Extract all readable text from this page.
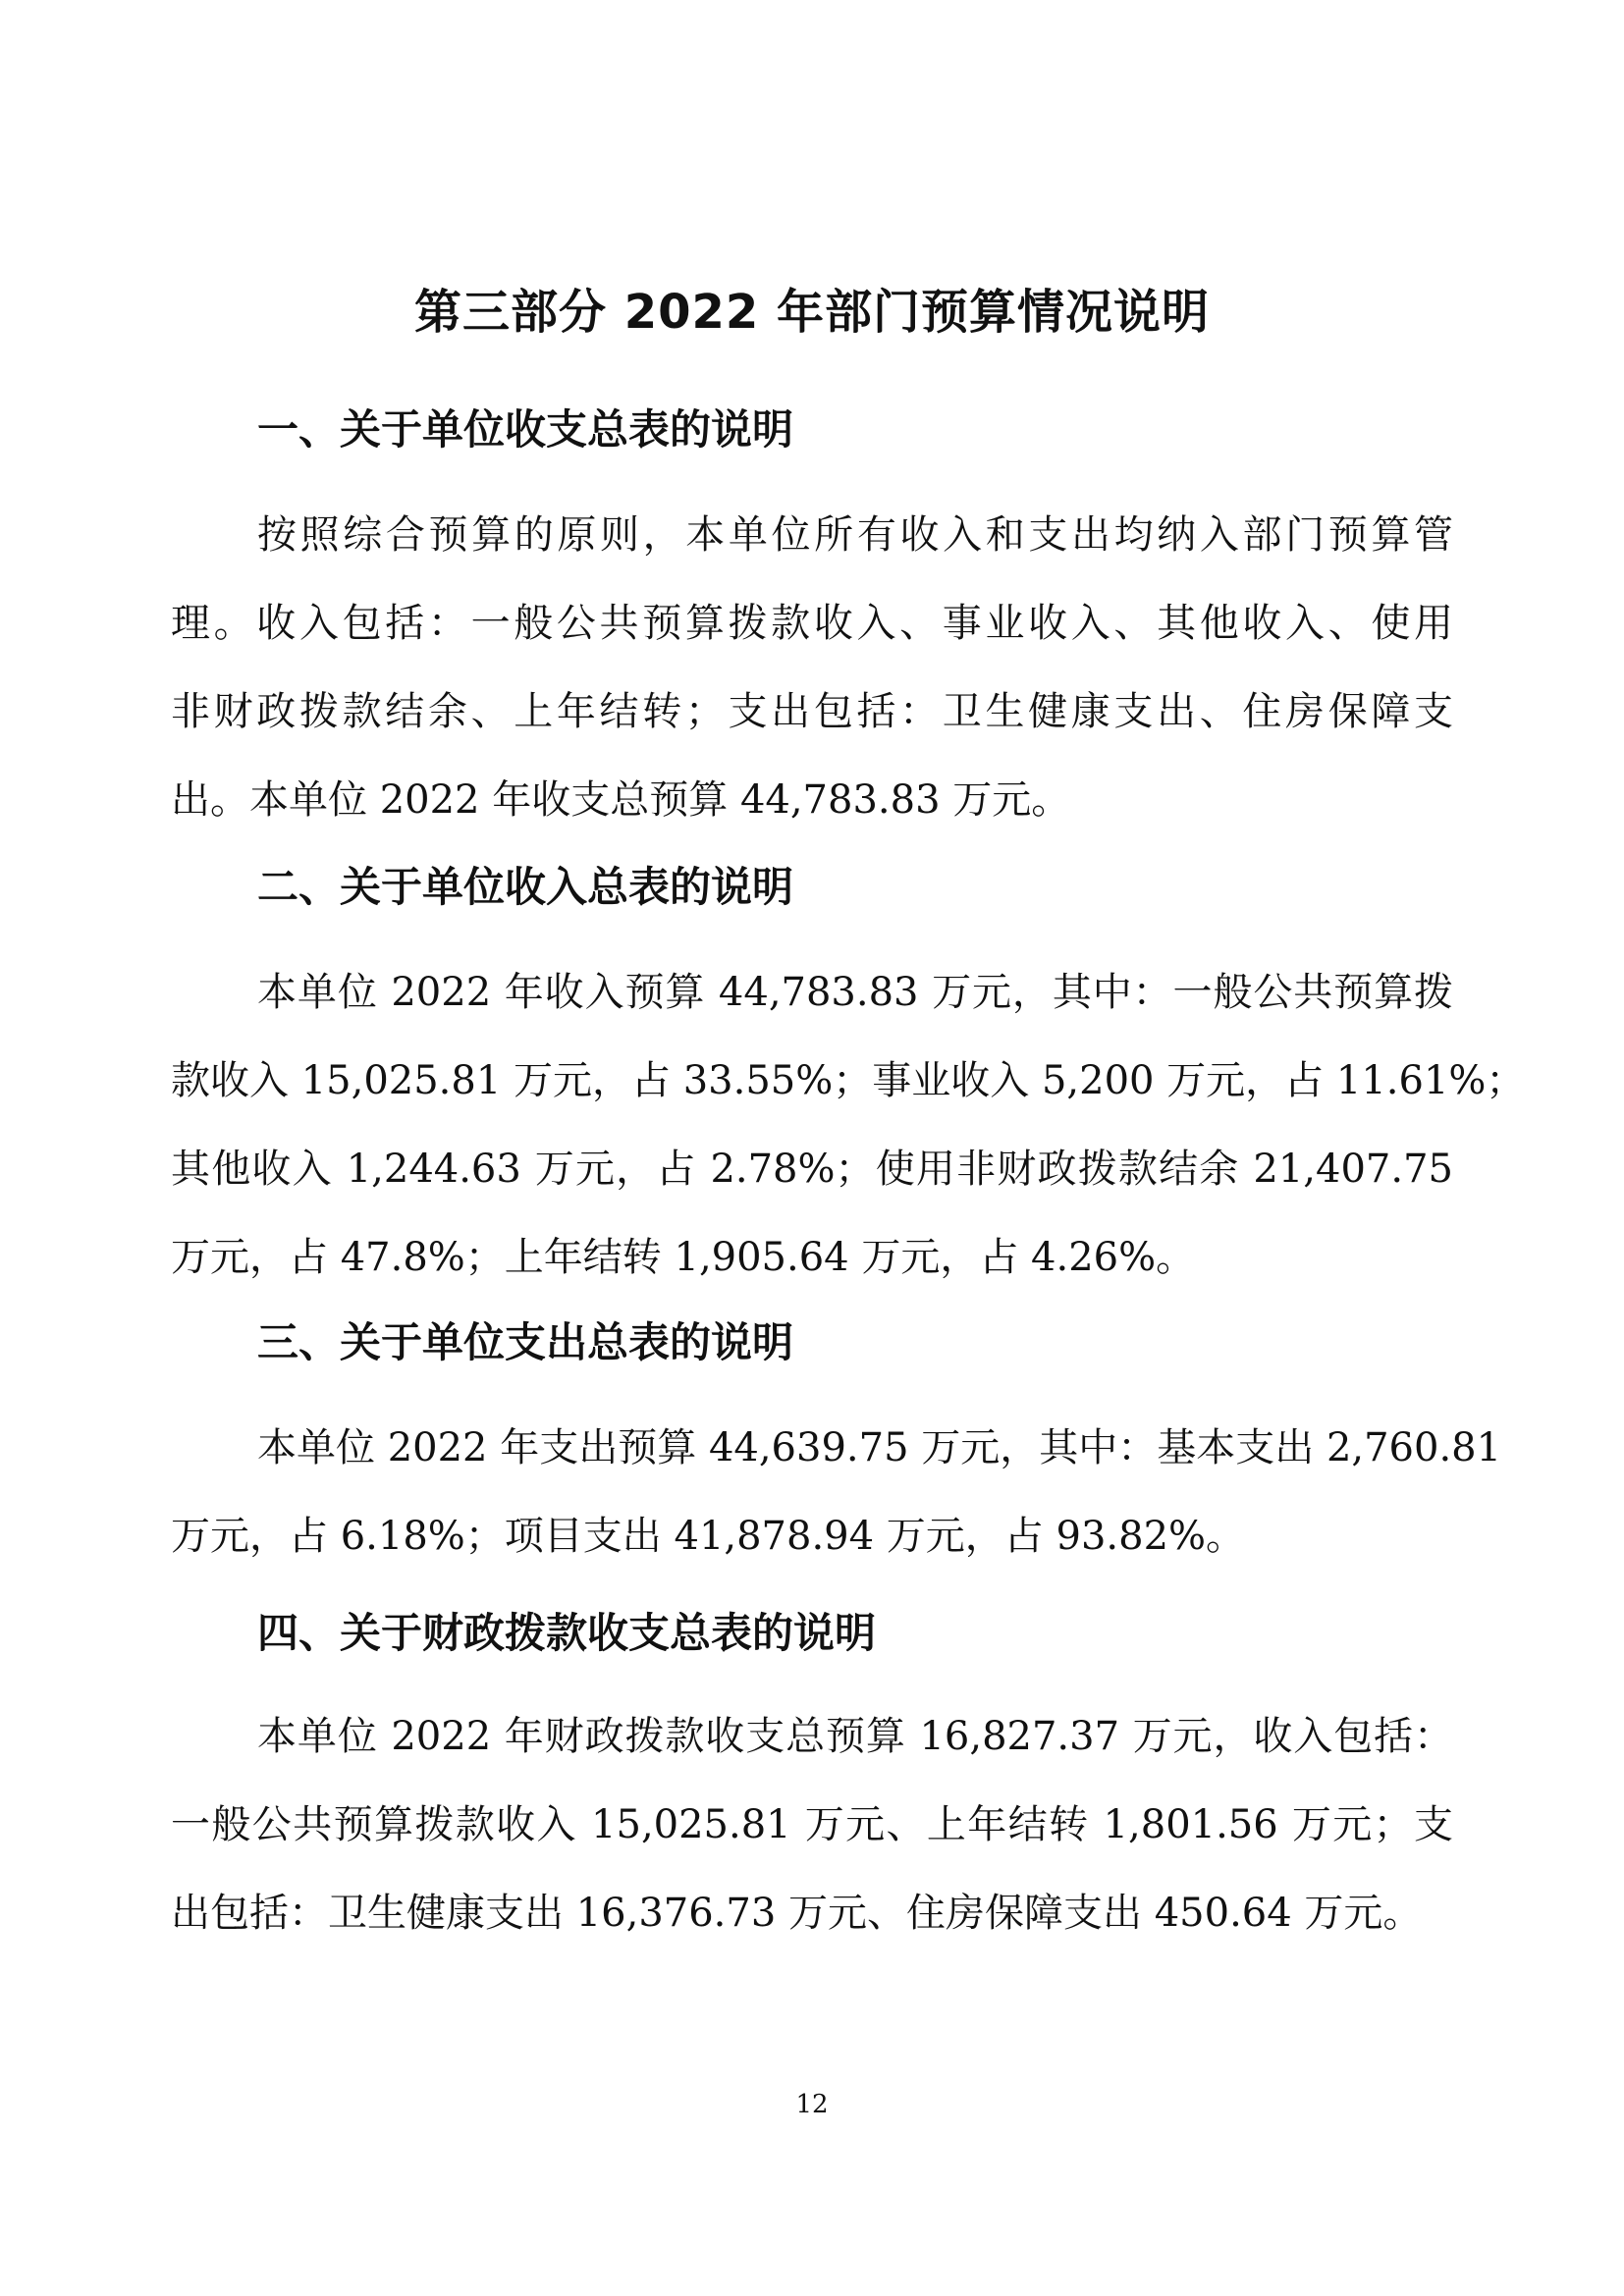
第三部分 2022 年部门预算情况说明
一、关于单位收支总表的说明
按照综合预算的原则，本单位所有收入和支出均纳入部门预算管
理。收入包括：一般公共预算拨款收入、事业收入、其他收入、使用
非财政拨款结余、上年结转；支出包括：卫生健康支出、住房保障支
出。本单位 2022 年收支总预算 44,783.83 万元。
二、关于单位收入总表的说明
本单位 2022 年收入预算 44,783.83 万元，其中：一般公共预算拨
款收入 15,025.81 万元，占 33.55%；事业收入 5,200 万元，占 11.61%；
其他收入 1,244.63 万元，占 2.78%；使用非财政拨款结余 21,407.75
万元，占 47.8%；上年结转 1,905.64 万元，占 4.26%。
三、关于单位支出总表的说明
本单位 2022 年支出预算 44,639.75 万元，其中：基本支出 2,760.81
万元，占 6.18%；项目支出 41,878.94 万元，占 93.82%。
四、关于财政拨款收支总表的说明
本单位 2022 年财政拨款收支总预算 16,827.37 万元，收入包括：
一般公共预算拨款收入 15,025.81 万元、上年结转 1,801.56 万元；支
出包括：卫生健康支出 16,376.73 万元、住房保障支出 450.64 万元。
12
